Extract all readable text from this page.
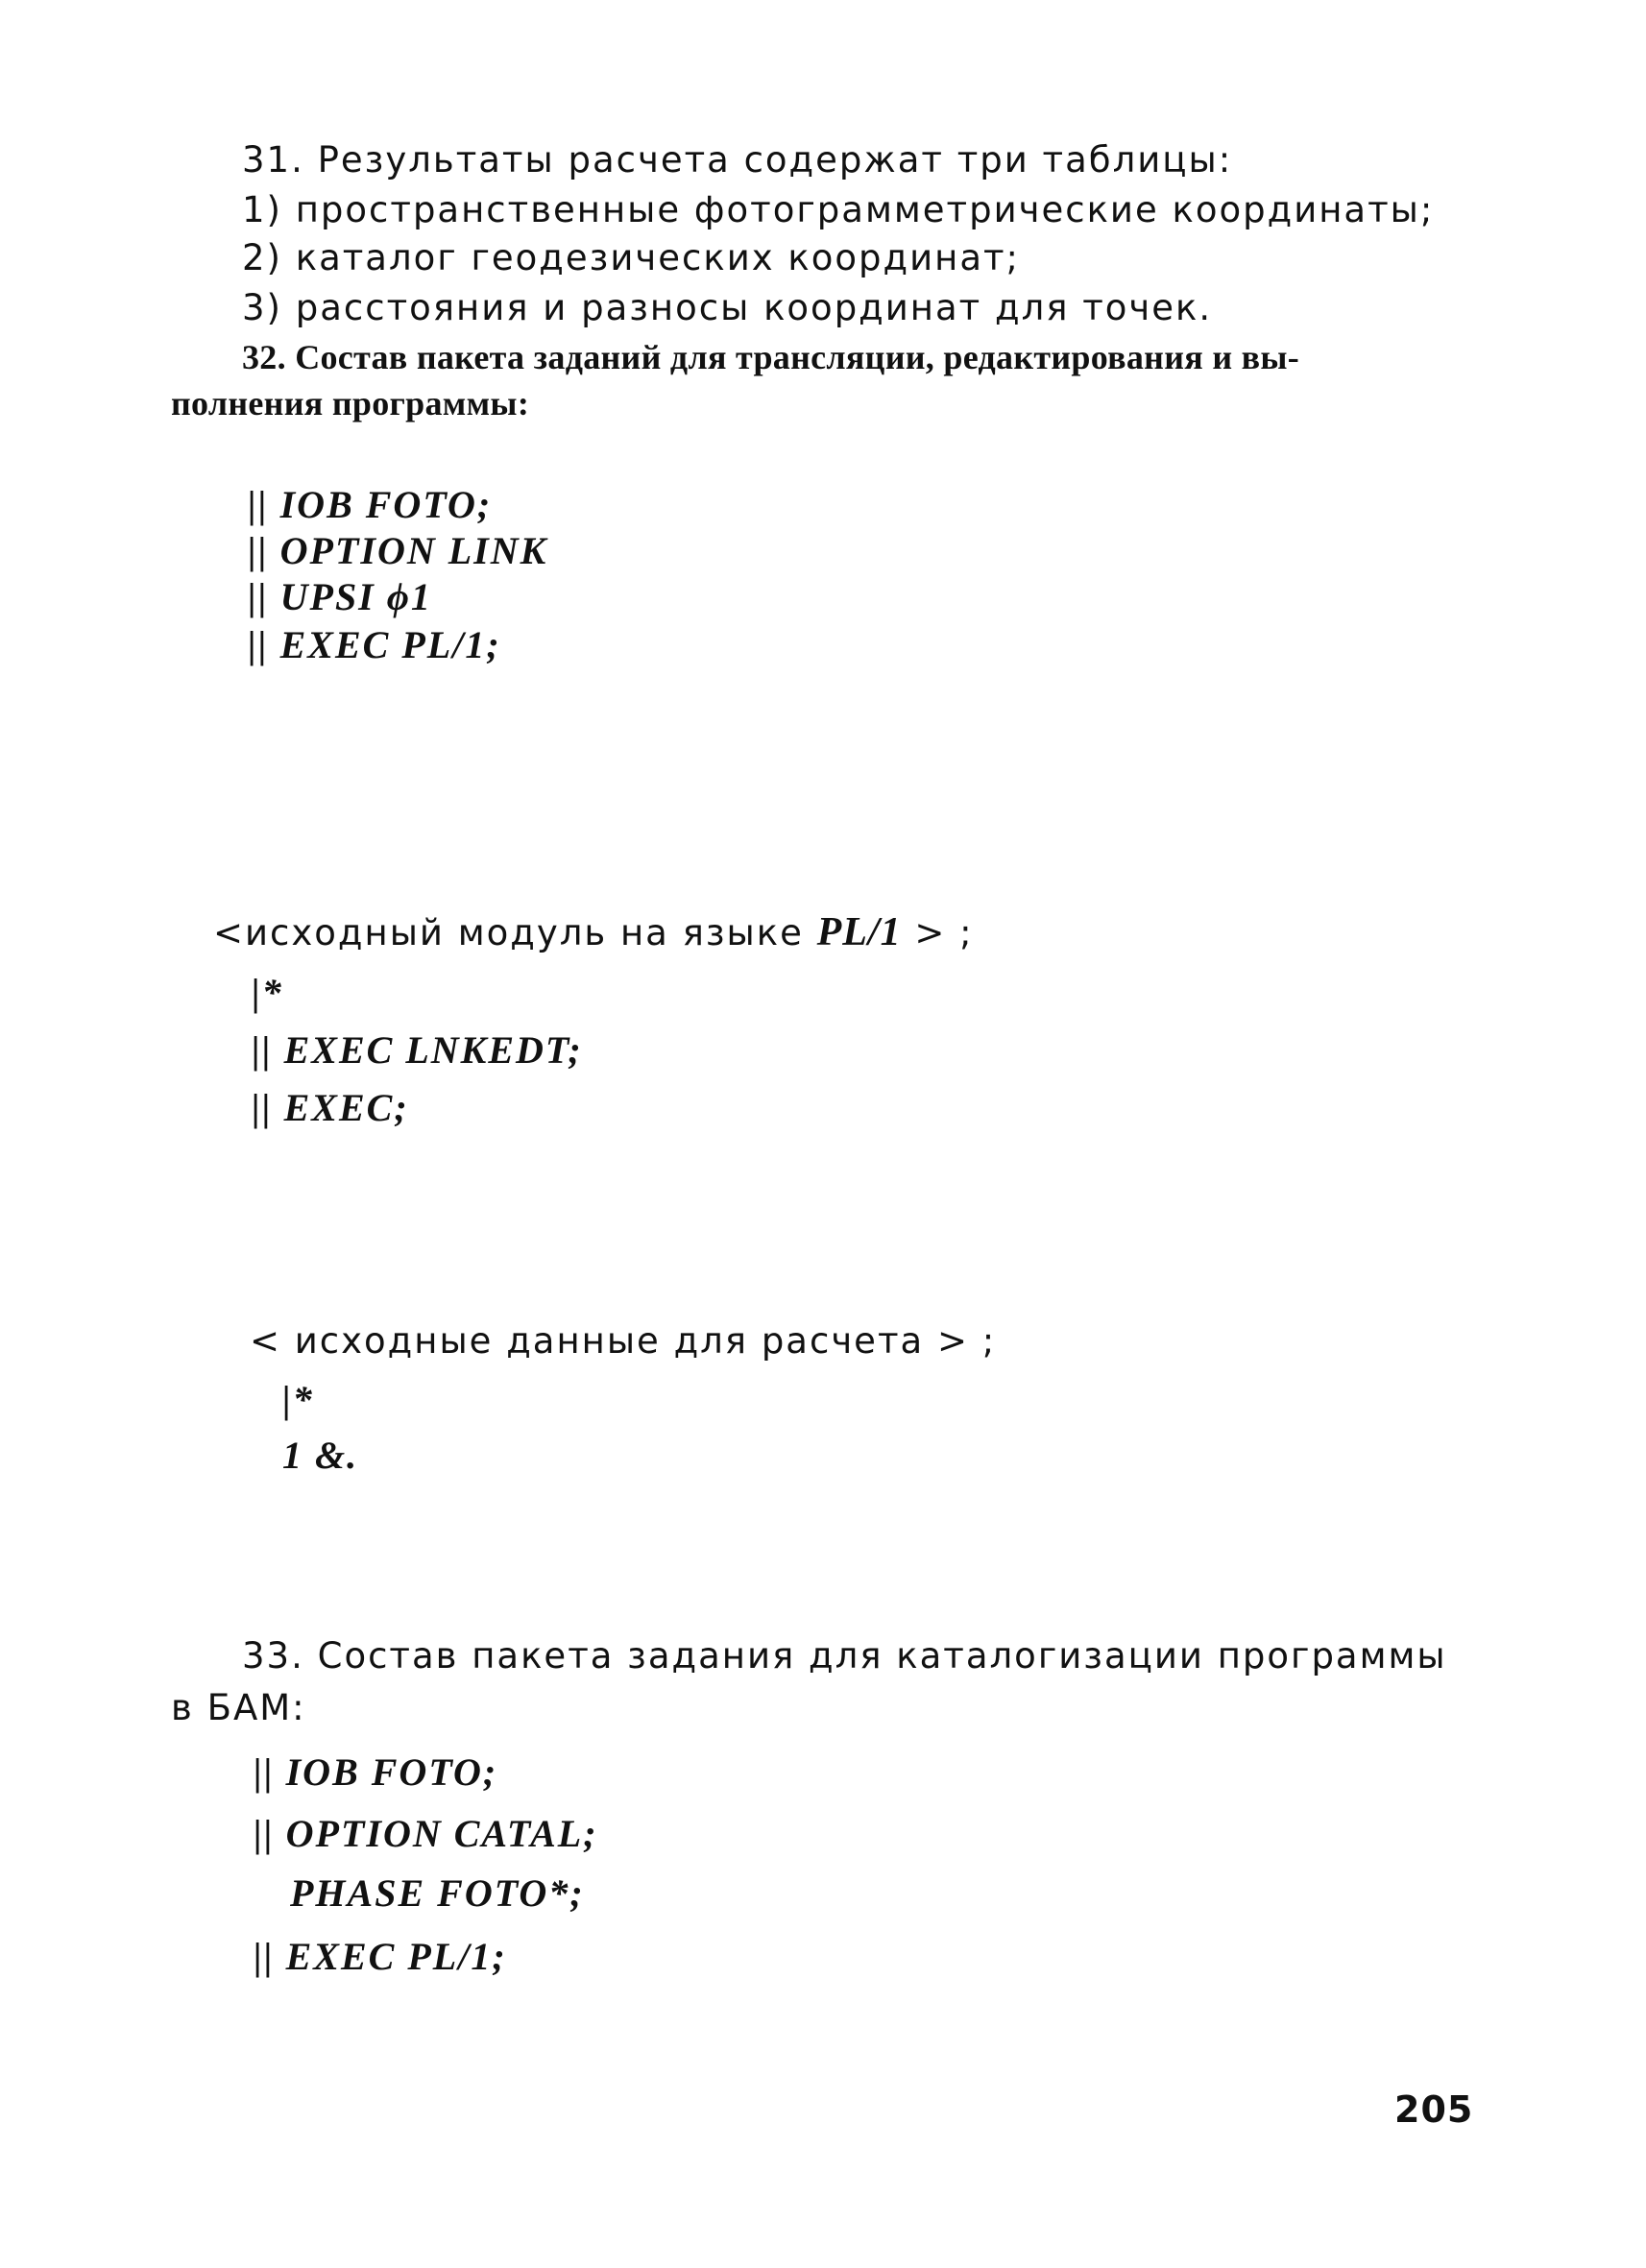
31. Результаты расчета содержат три таблицы:
1) пространственные фотограмметрические координаты;
2) каталог геодезических координат;
3) расстояния и разносы координат для точек.
32. Состав пакета заданий для трансляции, редактирования и вы-
полнения программы:
|| IOB FOTO;
|| OPTION LINK
|| UPSI ϕ1
|| EXEC PL/1;
<исходный модуль на языке PL/1 > ;
|*
|| EXEC LNKEDT;
|| EXEC;
< исходные данные для расчета > ;
|*
1 &.
33. Состав пакета задания для каталогизации программы
в БАМ:
|| IOB FOTO;
|| OPTION CATAL;
PHASE FOTO*;
|| EXEC PL/1;
205
